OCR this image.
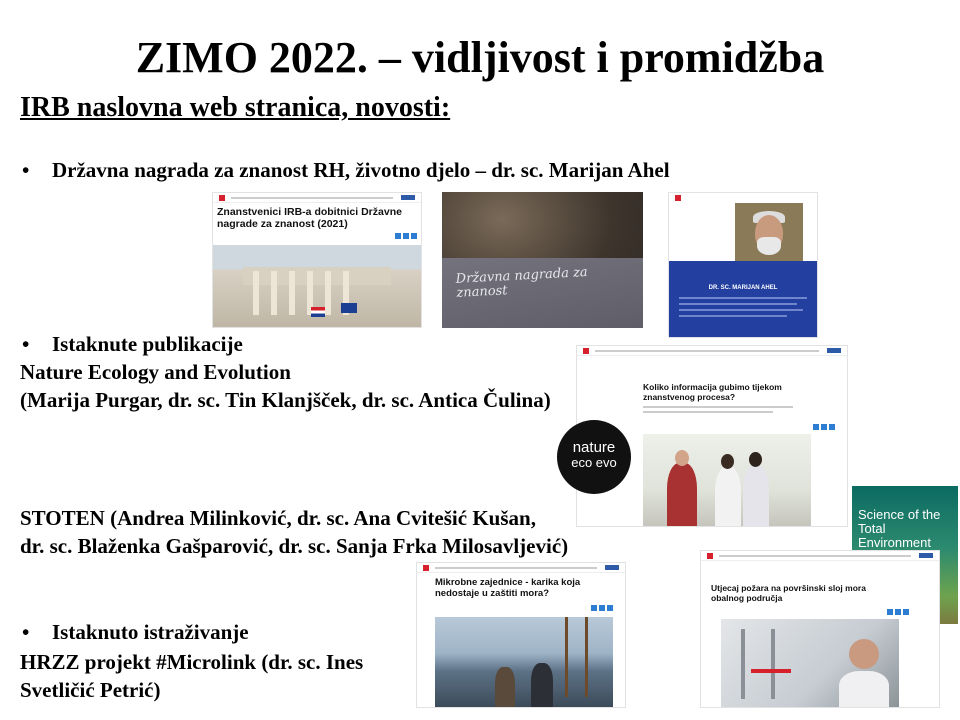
ZIMO 2022. – vidljivost i promidžba
IRB naslovna web stranica, novosti:
• Državna nagrada za znanost RH, životno djelo – dr. sc. Marijan Ahel
Znanstvenici IRB-a dobitnici Državne nagrade za znanost (2021)
Državna nagrada za znanost	DR. SC. MARIJAN AHEL
• Istaknute publikacije
Nature Ecology and Evolution
(Marija Purgar, dr. sc. Tin Klanjšček, dr. sc. Antica Čulina)
Koliko informacija gubimo tijekom znanstvenog procesa?
nature
eco evo
STOTEN (Andrea Milinković, dr. sc. Ana Cvitešić Kušan,
dr. sc. Blaženka Gašparović, dr. sc. Sanja Frka Milosavljević)
Science of the Total Environment
Mikrobne zajednice - karika koja nedostaje u zaštiti mora?	Utjecaj požara na površinski sloj mora obalnog područja
• Istaknuto istraživanje
HRZZ projekt #Microlink (dr. sc. Ines
Svetličić Petrić)
